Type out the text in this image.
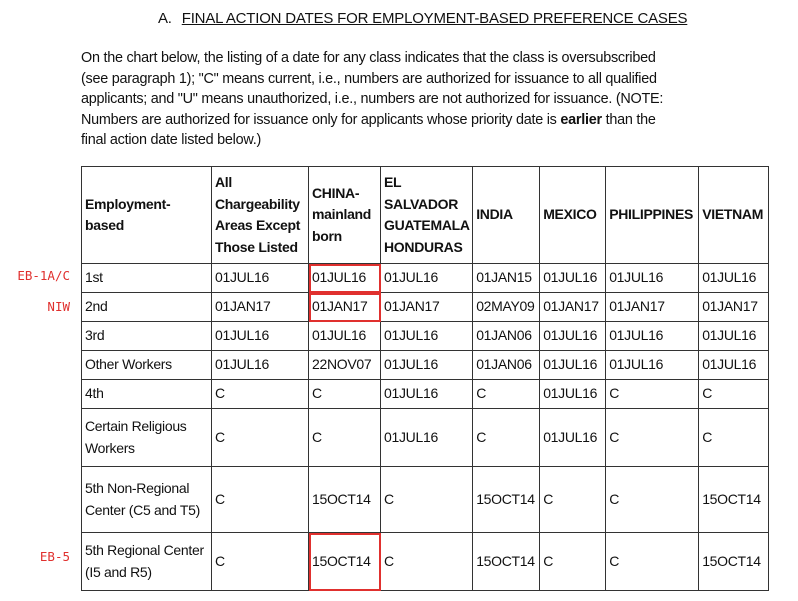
A. FINAL ACTION DATES FOR EMPLOYMENT-BASED PREFERENCE CASES
On the chart below, the listing of a date for any class indicates that the class is oversubscribed (see paragraph 1); "C" means current, i.e., numbers are authorized for issuance to all qualified applicants; and "U" means unauthorized, i.e., numbers are not authorized for issuance. (NOTE: Numbers are authorized for issuance only for applicants whose priority date is earlier than the final action date listed below.)
EB-1A/C
NIW
EB-5
Employment-based	All Chargeability Areas Except Those Listed	CHINA-mainland born	EL SALVADOR GUATEMALA HONDURAS	INDIA	MEXICO	PHILIPPINES	VIETNAM
1st	01JUL16	01JUL16	01JUL16	01JAN15	01JUL16	01JUL16	01JUL16
2nd	01JAN17	01JAN17	01JAN17	02MAY09	01JAN17	01JAN17	01JAN17
3rd	01JUL16	01JUL16	01JUL16	01JAN06	01JUL16	01JUL16	01JUL16
Other Workers	01JUL16	22NOV07	01JUL16	01JAN06	01JUL16	01JUL16	01JUL16
4th	C	C	01JUL16	C	01JUL16	C	C
Certain Religious Workers	C	C	01JUL16	C	01JUL16	C	C
5th Non-Regional Center (C5 and T5)	C	15OCT14	C	15OCT14	C	C	15OCT14
5th Regional Center (I5 and R5)	C	15OCT14	C	15OCT14	C	C	15OCT14
